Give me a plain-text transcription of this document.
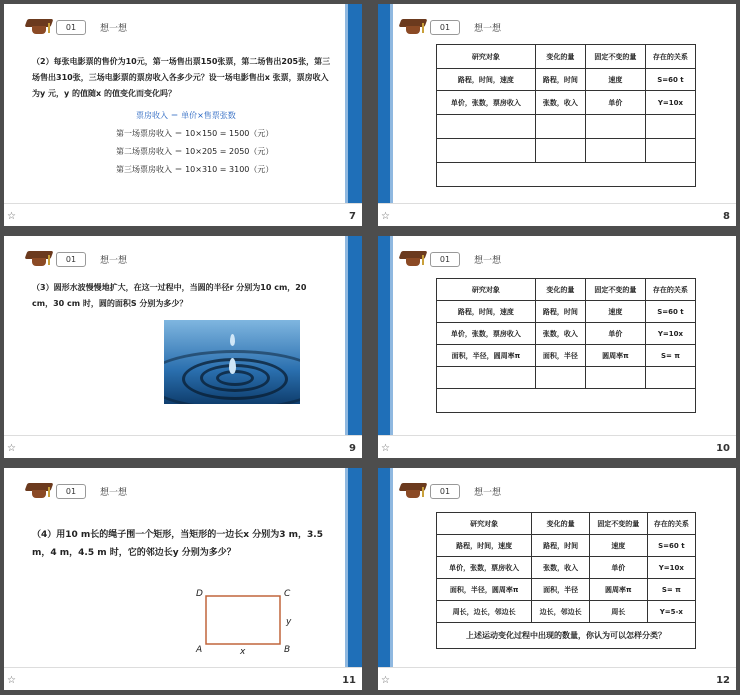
01	想一想
（2）每张电影票的售价为10元，第一场售出票150张票，第二场售出205张，第三场售出310张，三场电影票的票房收入各多少元？设一场电影售出x 张票，票房收入为y 元，y 的值随x 的值变化而变化吗？
票房收入 ＝ 单价×售票张数
第一场票房收入 ＝ 10×150 = 1500（元）
第二场票房收入 ＝ 10×205 = 2050（元）
第三场票房收入 ＝ 10×310 = 3100（元）
☆	7
01	想一想
研究对象	变化的量	固定不变的量	存在的关系
路程，时间，速度	路程，时间	速度	S=60 t
单价，张数，票房收入	张数，收入	单价	Y=10x

☆	8
01	想一想
（3）圆形水波慢慢地扩大，在这一过程中，当圆的半径r 分别为10 cm，20 cm，30 cm 时，圆的面积S 分别为多少？
☆	9
01	想一想
研究对象	变化的量	固定不变的量	存在的关系
路程，时间，速度	路程，时间	速度	S=60 t
单价，张数，票房收入	张数，收入	单价	Y=10x
面积，半径，圆周率π	面积，半径	圆周率π	S= π

☆	10
01	想一想
（4）用10 m长的绳子围一个矩形，当矩形的一边长x 分别为3 m，3.5 m，4 m，4.5 m 时，它的邻边长y 分别为多少？
D	C
A	B
x
y
☆	11
01	想一想
研究对象	变化的量	固定不变的量	存在的关系
路程，时间，速度	路程，时间	速度	S=60 t
单价，张数，票房收入	张数，收入	单价	Y=10x
面积，半径，圆周率π	面积，半径	圆周率π	S= π
周长，边长，邻边长	边长，邻边长	周长	Y=5-x
上述运动变化过程中出现的数量，你认为可以怎样分类？			
☆	12
